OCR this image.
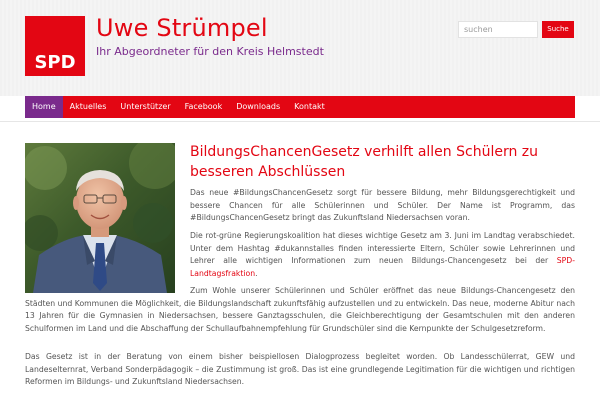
SPD
Uwe Strümpel
Ihr Abgeordneter für den Kreis Helmstedt
suchen
Suche
Home	Aktuelles	Unterstützer	Facebook	Downloads	Kontakt
BildungsChancenGesetz verhilft allen Schülern zu besseren Abschlüssen

Das neue #BildungsChancenGesetz sorgt für bessere Bildung, mehr Bildungsgerechtigkeit und bessere Chancen für alle Schülerinnen und Schüler. Der Name ist Programm, das #BildungsChancenGesetz bringt das Zukunftsland Niedersachsen voran.

Die rot-grüne Regierungskoalition hat dieses wichtige Gesetz am 3. Juni im Landtag verabschiedet. Unter dem Hashtag #dukannstalles finden interessierte Eltern, Schüler sowie Lehrerinnen und Lehrer alle wichtigen Informationen zum neuen Bildungs-Chancengesetz bei der SPD-Landtagsfraktion.

Zum Wohle unserer Schülerinnen und Schüler eröffnet das neue Bildungs-Chancengesetz den Städten und Kommunen die Möglichkeit, die Bildungslandschaft zukunftsfähig aufzustellen und zu entwickeln. Das neue, moderne Abitur nach 13 Jahren für die Gymnasien in Niedersachsen, bessere Ganztagsschulen, die Gleichberechtigung der Gesamtschulen mit den anderen Schulformen im Land und die Abschaffung der Schullaufbahnempfehlung für Grundschüler sind die Kernpunkte der Schulgesetzreform.

Das Gesetz ist in der Beratung von einem bisher beispiellosen Dialogprozess begleitet worden. Ob Landesschülerrat, GEW und Landeselternrat, Verband Sonderpädagogik – die Zustimmung ist groß. Das ist eine grundlegende Legitimation für die wichtigen und richtigen Reformen im Bildungs- und Zukunftsland Niedersachsen.
